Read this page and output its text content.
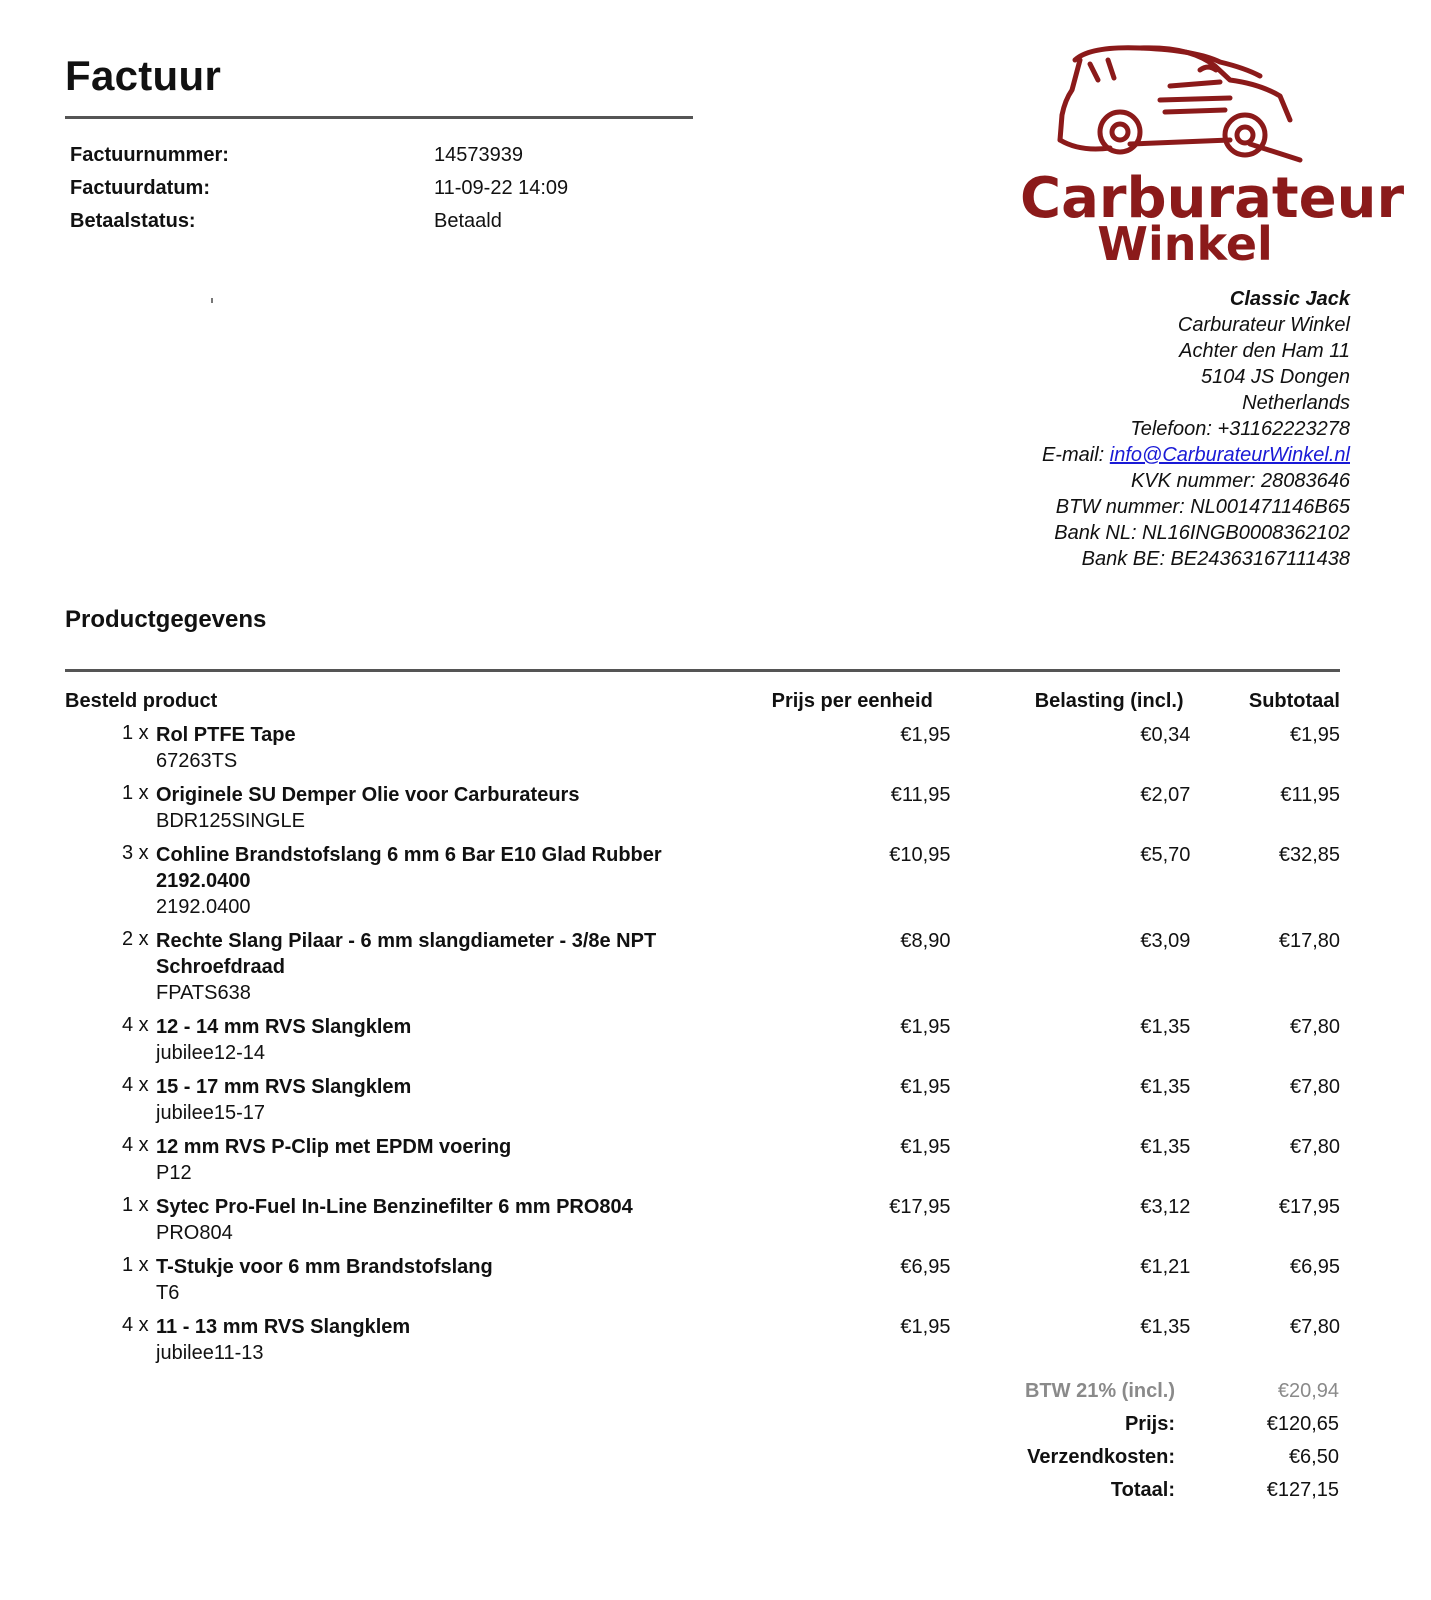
Factuur
Factuurnummer:	14573939
Factuurdatum:	11-09-22 14:09
Betaalstatus:	Betaald	Carburateur
Winkel
Classic Jack
Carburateur Winkel
Achter den Ham 11
5104 JS Dongen
Netherlands
Telefoon: +31162223278
E-mail: info@CarburateurWinkel.nl
KVK nummer: 28083646
BTW nummer: NL001471146B65
Bank NL: NL16INGB0008362102
Bank BE: BE24363167111438
Productgegevens
Besteld product	Prijs per eenheid	Belasting (incl.)	Subtotaal
1 x Rol PTFE Tape
67263TS
€1,95	€0,34	€1,95
1 x Originele SU Demper Olie voor Carburateurs
BDR125SINGLE
€11,95	€2,07	€11,95
3 x Cohline Brandstofslang 6 mm 6 Bar E10 Glad Rubber 2192.0400
2192.0400
€10,95	€5,70	€32,85
2 x Rechte Slang Pilaar - 6 mm slangdiameter - 3/8e NPT Schroefdraad
FPATS638
€8,90	€3,09	€17,80
4 x 12 - 14 mm RVS Slangklem
jubilee12-14
€1,95	€1,35	€7,80
4 x 15 - 17 mm RVS Slangklem
jubilee15-17
€1,95	€1,35	€7,80
4 x 12 mm RVS P-Clip met EPDM voering
P12
€1,95	€1,35	€7,80
1 x Sytec Pro-Fuel In-Line Benzinefilter 6 mm PRO804
PRO804
€17,95	€3,12	€17,95
1 x T-Stukje voor 6 mm Brandstofslang
T6
€6,95	€1,21	€6,95
4 x 11 - 13 mm RVS Slangklem
jubilee11-13
€1,95	€1,35	€7,80
BTW 21% (incl.)	€20,94
Prijs:	€120,65
Verzendkosten:	€6,50
Totaal:	€127,15
